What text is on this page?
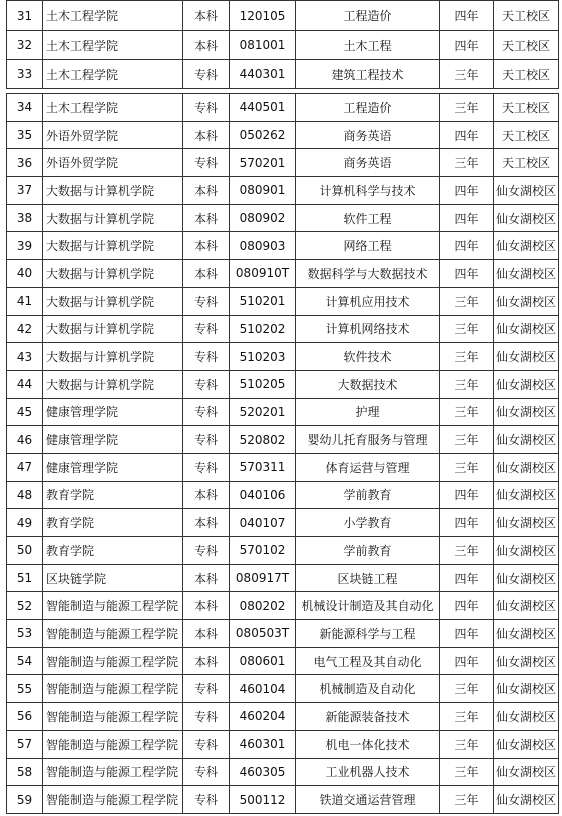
31	土木工程学院	本科	120105	工程造价	四年	天工校区
32	土木工程学院	本科	081001	土木工程	四年	天工校区
33	土木工程学院	专科	440301	建筑工程技术	三年	天工校区
34	土木工程学院	专科	440501	工程造价	三年	天工校区
35	外语外贸学院	本科	050262	商务英语	四年	天工校区
36	外语外贸学院	专科	570201	商务英语	三年	天工校区
37	大数据与计算机学院	本科	080901	计算机科学与技术	四年	仙女湖校区
38	大数据与计算机学院	本科	080902	软件工程	四年	仙女湖校区
39	大数据与计算机学院	本科	080903	网络工程	四年	仙女湖校区
40	大数据与计算机学院	本科	080910T	数据科学与大数据技术	四年	仙女湖校区
41	大数据与计算机学院	专科	510201	计算机应用技术	三年	仙女湖校区
42	大数据与计算机学院	专科	510202	计算机网络技术	三年	仙女湖校区
43	大数据与计算机学院	专科	510203	软件技术	三年	仙女湖校区
44	大数据与计算机学院	专科	510205	大数据技术	三年	仙女湖校区
45	健康管理学院	专科	520201	护理	三年	仙女湖校区
46	健康管理学院	专科	520802	婴幼儿托育服务与管理	三年	仙女湖校区
47	健康管理学院	专科	570311	体育运营与管理	三年	仙女湖校区
48	教育学院	本科	040106	学前教育	四年	仙女湖校区
49	教育学院	本科	040107	小学教育	四年	仙女湖校区
50	教育学院	专科	570102	学前教育	三年	仙女湖校区
51	区块链学院	本科	080917T	区块链工程	四年	仙女湖校区
52	智能制造与能源工程学院	本科	080202	机械设计制造及其自动化	四年	仙女湖校区
53	智能制造与能源工程学院	本科	080503T	新能源科学与工程	四年	仙女湖校区
54	智能制造与能源工程学院	本科	080601	电气工程及其自动化	四年	仙女湖校区
55	智能制造与能源工程学院	专科	460104	机械制造及自动化	三年	仙女湖校区
56	智能制造与能源工程学院	专科	460204	新能源装备技术	三年	仙女湖校区
57	智能制造与能源工程学院	专科	460301	机电一体化技术	三年	仙女湖校区
58	智能制造与能源工程学院	专科	460305	工业机器人技术	三年	仙女湖校区
59	智能制造与能源工程学院	专科	500112	铁道交通运营管理	三年	仙女湖校区
